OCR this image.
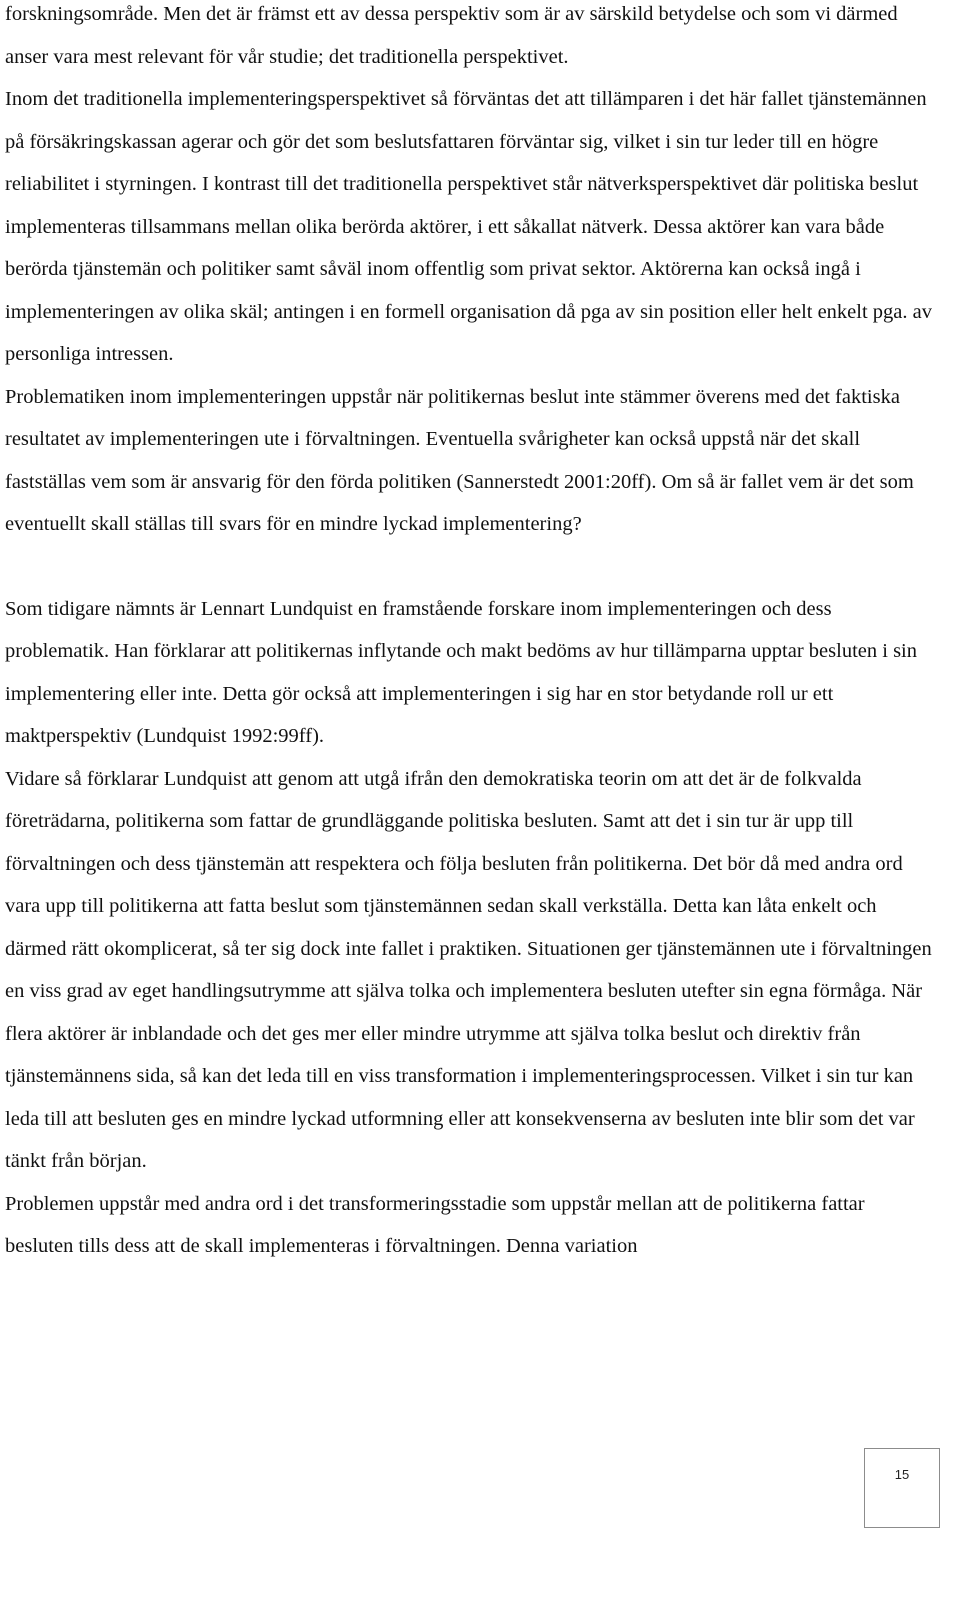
forskningsområde. Men det är främst ett av dessa perspektiv som är av särskild betydelse och som vi därmed anser vara mest relevant för vår studie; det traditionella perspektivet.

Inom det traditionella implementeringsperspektivet så förväntas det att tillämparen i det här fallet tjänstemännen på försäkringskassan agerar och gör det som beslutsfattaren förväntar sig, vilket i sin tur leder till en högre reliabilitet i styrningen. I kontrast till det traditionella perspektivet står nätverksperspektivet där politiska beslut implementeras tillsammans mellan olika berörda aktörer, i ett såkallat nätverk. Dessa aktörer kan vara både berörda tjänstemän och politiker samt såväl inom offentlig som privat sektor. Aktörerna kan också ingå i implementeringen av olika skäl; antingen i en formell organisation då pga av sin position eller helt enkelt pga. av personliga intressen.

Problematiken inom implementeringen uppstår när politikernas beslut inte stämmer överens med det faktiska resultatet av implementeringen ute i förvaltningen. Eventuella svårigheter kan också uppstå när det skall fastställas vem som är ansvarig för den förda politiken (Sannerstedt 2001:20ff). Om så är fallet vem är det som eventuellt skall ställas till svars för en mindre lyckad implementering?

Som tidigare nämnts är Lennart Lundquist en framstående forskare inom implementeringen och dess problematik. Han förklarar att politikernas inflytande och makt bedöms av hur tillämparna upptar besluten i sin implementering eller inte. Detta gör också att implementeringen i sig har en stor betydande roll ur ett maktperspektiv (Lundquist 1992:99ff).

Vidare så förklarar Lundquist att genom att utgå ifrån den demokratiska teorin om att det är de folkvalda företrädarna, politikerna som fattar de grundläggande politiska besluten. Samt att det i sin tur är upp till förvaltningen och dess tjänstemän att respektera och följa besluten från politikerna. Det bör då med andra ord vara upp till politikerna att fatta beslut som tjänstemännen sedan skall verkställa. Detta kan låta enkelt och därmed rätt okomplicerat, så ter sig dock inte fallet i praktiken. Situationen ger tjänstemännen ute i förvaltningen en viss grad av eget handlingsutrymme att själva tolka och implementera besluten utefter sin egna förmåga. När flera aktörer är inblandade och det ges mer eller mindre utrymme att själva tolka beslut och direktiv från tjänstemännens sida, så kan det leda till en viss transformation i implementeringsprocessen. Vilket i sin tur kan leda till att besluten ges en mindre lyckad utformning eller att konsekvenserna av besluten inte blir som det var tänkt från början.

Problemen uppstår med andra ord i det transformeringsstadie som uppstår mellan att de politikerna fattar besluten tills dess att de skall implementeras i förvaltningen. Denna variation

15
